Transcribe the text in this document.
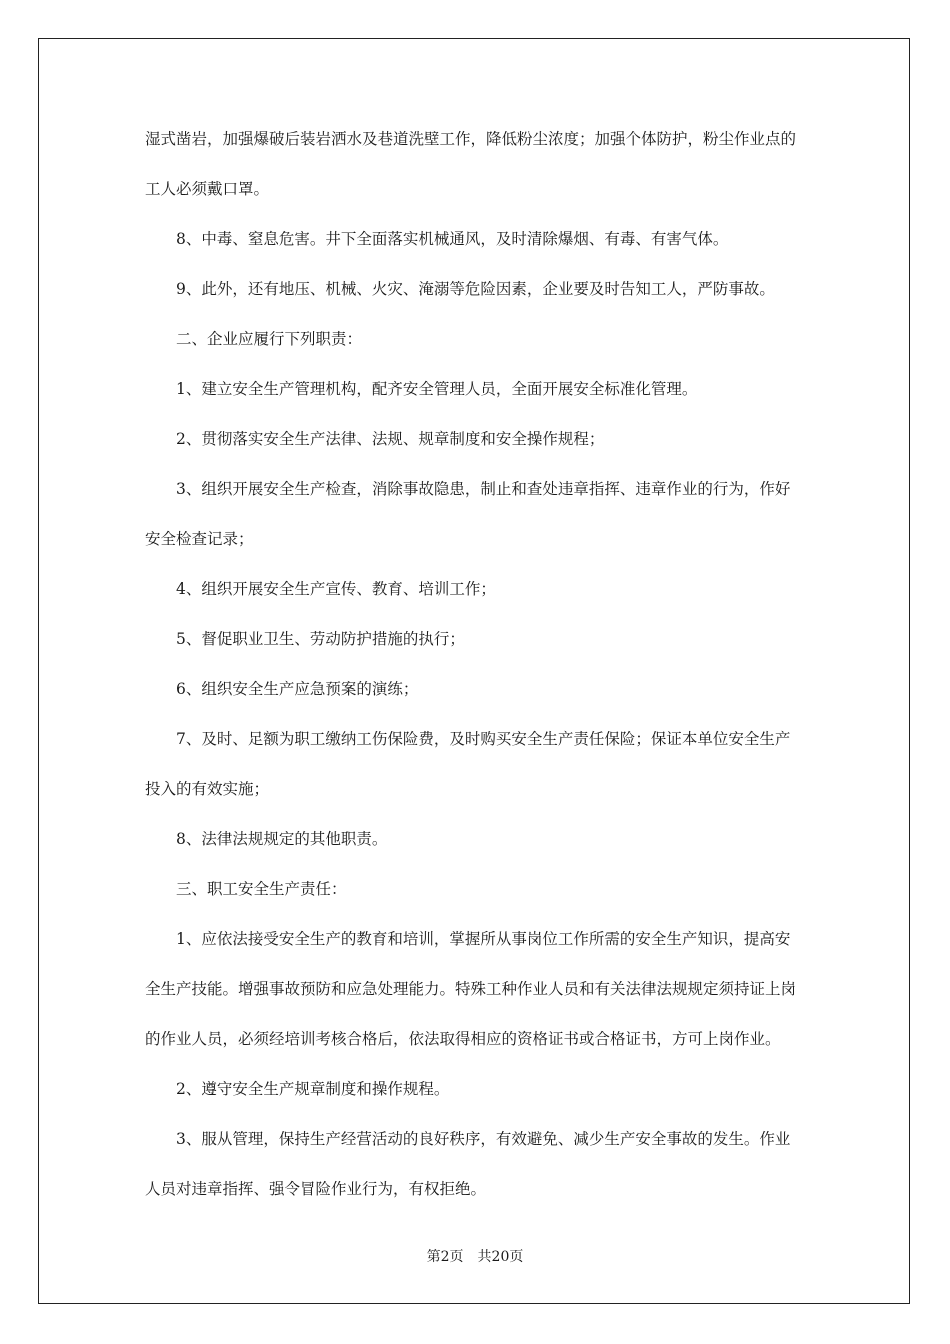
湿式凿岩，加强爆破后装岩洒水及巷道洗壁工作，降低粉尘浓度；加强个体防护，粉尘作业点的
工人必须戴口罩。
8、中毒、窒息危害。井下全面落实机械通风，及时清除爆烟、有毒、有害气体。
9、此外，还有地压、机械、火灾、淹溺等危险因素，企业要及时告知工人，严防事故。
二、企业应履行下列职责：
1、建立安全生产管理机构，配齐安全管理人员，全面开展安全标准化管理。
2、贯彻落实安全生产法律、法规、规章制度和安全操作规程；
3、组织开展安全生产检查，消除事故隐患，制止和查处违章指挥、违章作业的行为，作好
安全检查记录；
4、组织开展安全生产宣传、教育、培训工作；
5、督促职业卫生、劳动防护措施的执行；
6、组织安全生产应急预案的演练；
7、及时、足额为职工缴纳工伤保险费，及时购买安全生产责任保险；保证本单位安全生产
投入的有效实施；
8、法律法规规定的其他职责。
三、职工安全生产责任：
1、应依法接受安全生产的教育和培训，掌握所从事岗位工作所需的安全生产知识，提高安
全生产技能。增强事故预防和应急处理能力。特殊工种作业人员和有关法律法规规定须持证上岗
的作业人员，必须经培训考核合格后，依法取得相应的资格证书或合格证书，方可上岗作业。
2、遵守安全生产规章制度和操作规程。
3、服从管理，保持生产经营活动的良好秩序，有效避免、减少生产安全事故的发生。作业
人员对违章指挥、强令冒险作业行为，有权拒绝。
第2页 共20页
